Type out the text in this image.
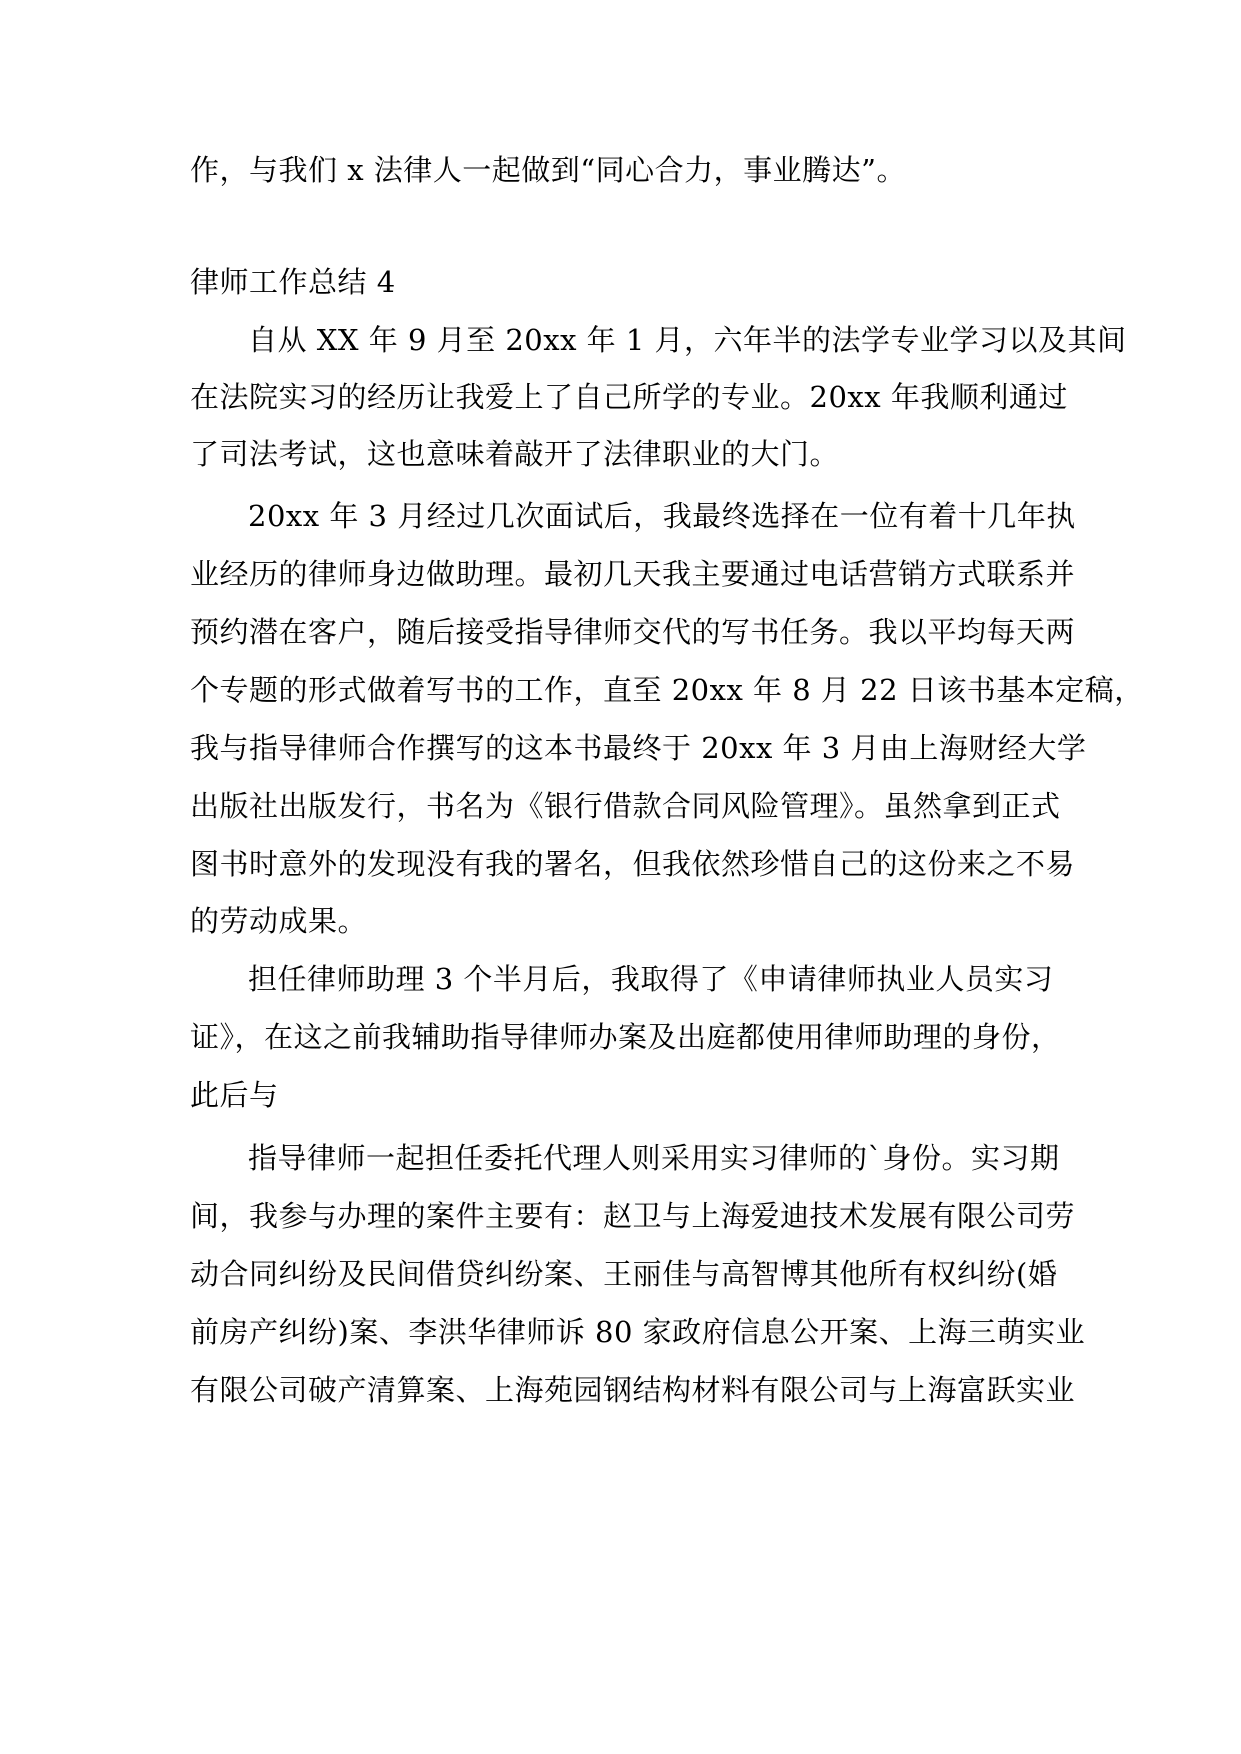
作，与我们 x 法律人一起做到“同心合力，事业腾达”。
律师工作总结 4
自从 XX 年 9 月至 20xx 年 1 月，六年半的法学专业学习以及其间
在法院实习的经历让我爱上了自己所学的专业。20xx 年我顺利通过
了司法考试，这也意味着敲开了法律职业的大门。
20xx 年 3 月经过几次面试后，我最终选择在一位有着十几年执
业经历的律师身边做助理。最初几天我主要通过电话营销方式联系并
预约潜在客户，随后接受指导律师交代的写书任务。我以平均每天两
个专题的形式做着写书的工作，直至 20xx 年 8 月 22 日该书基本定稿，
我与指导律师合作撰写的这本书最终于 20xx 年 3 月由上海财经大学
出版社出版发行，书名为《银行借款合同风险管理》。虽然拿到正式
图书时意外的发现没有我的署名，但我依然珍惜自己的这份来之不易
的劳动成果。
担任律师助理 3 个半月后，我取得了《申请律师执业人员实习
证》，在这之前我辅助指导律师办案及出庭都使用律师助理的身份，
此后与
指导律师一起担任委托代理人则采用实习律师的`身份。实习期
间，我参与办理的案件主要有：赵卫与上海爱迪技术发展有限公司劳
动合同纠纷及民间借贷纠纷案、王丽佳与高智博其他所有权纠纷(婚
前房产纠纷)案、李洪华律师诉 80 家政府信息公开案、上海三萌实业
有限公司破产清算案、上海苑园钢结构材料有限公司与上海富跃实业
